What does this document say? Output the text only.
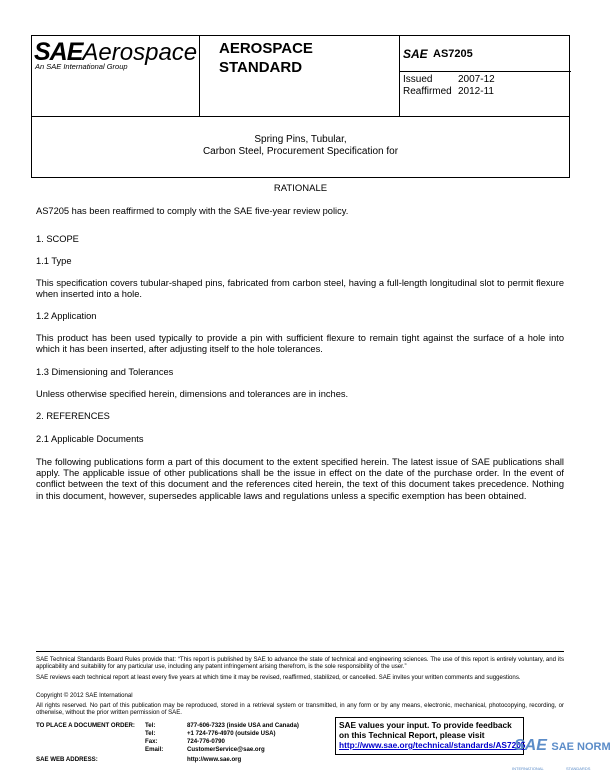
SAEAerospace
An SAE International Group
AEROSPACE
STANDARD
SAE AS7205
Issued	2007-12
Reaffirmed 2012-11
Spring Pins, Tubular,
Carbon Steel, Procurement Specification for
RATIONALE
AS7205 has been reaffirmed to comply with the SAE five-year review policy.
1. SCOPE
1.1 Type
This specification covers tubular-shaped pins, fabricated from carbon steel, having a full-length longitudinal slot to permit flexure when inserted into a hole.
1.2 Application
This product has been used typically to provide a pin with sufficient flexure to remain tight against the surface of a hole into which it has been inserted, after adjusting itself to the hole tolerances.
1.3 Dimensioning and Tolerances
Unless otherwise specified herein, dimensions and tolerances are in inches.
2. REFERENCES
2.1 Applicable Documents
The following publications form a part of this document to the extent specified herein. The latest issue of SAE publications shall apply. The applicable issue of other publications shall be the issue in effect on the date of the purchase order. In the event of conflict between the text of this document and the references cited herein, the text of this document takes precedence. Nothing in this document, however, supersedes applicable laws and regulations unless a specific exemption has been obtained.
SAE Technical Standards Board Rules provide that: “This report is published by SAE to advance the state of technical and engineering sciences. The use of this report is entirely voluntary, and its applicability and suitability for any particular use, including any patent infringement arising therefrom, is the sole responsibility of the user.”
SAE reviews each technical report at least every five years at which time it may be revised, reaffirmed, stabilized, or cancelled. SAE invites your written comments and suggestions.
Copyright © 2012 SAE International
All rights reserved. No part of this publication may be reproduced, stored in a retrieval system or transmitted, in any form or by any means, electronic, mechanical, photocopying, recording, or otherwise, without the prior written permission of SAE.
TO PLACE A DOCUMENT ORDER: Tel:	877-606-7323 (inside USA and Canada)
Tel:	+1 724-776-4970 (outside USA)
Fax:	724-776-0790
Email:	CustomerService@sae.org
SAE WEB ADDRESS:	http://www.sae.org
SAE values your input. To provide feedback
on this Technical Report, please visit
http://www.sae.org/technical/standards/AS7205
SAE SAE NORM
INTERNATIONAL	STANDARDS
